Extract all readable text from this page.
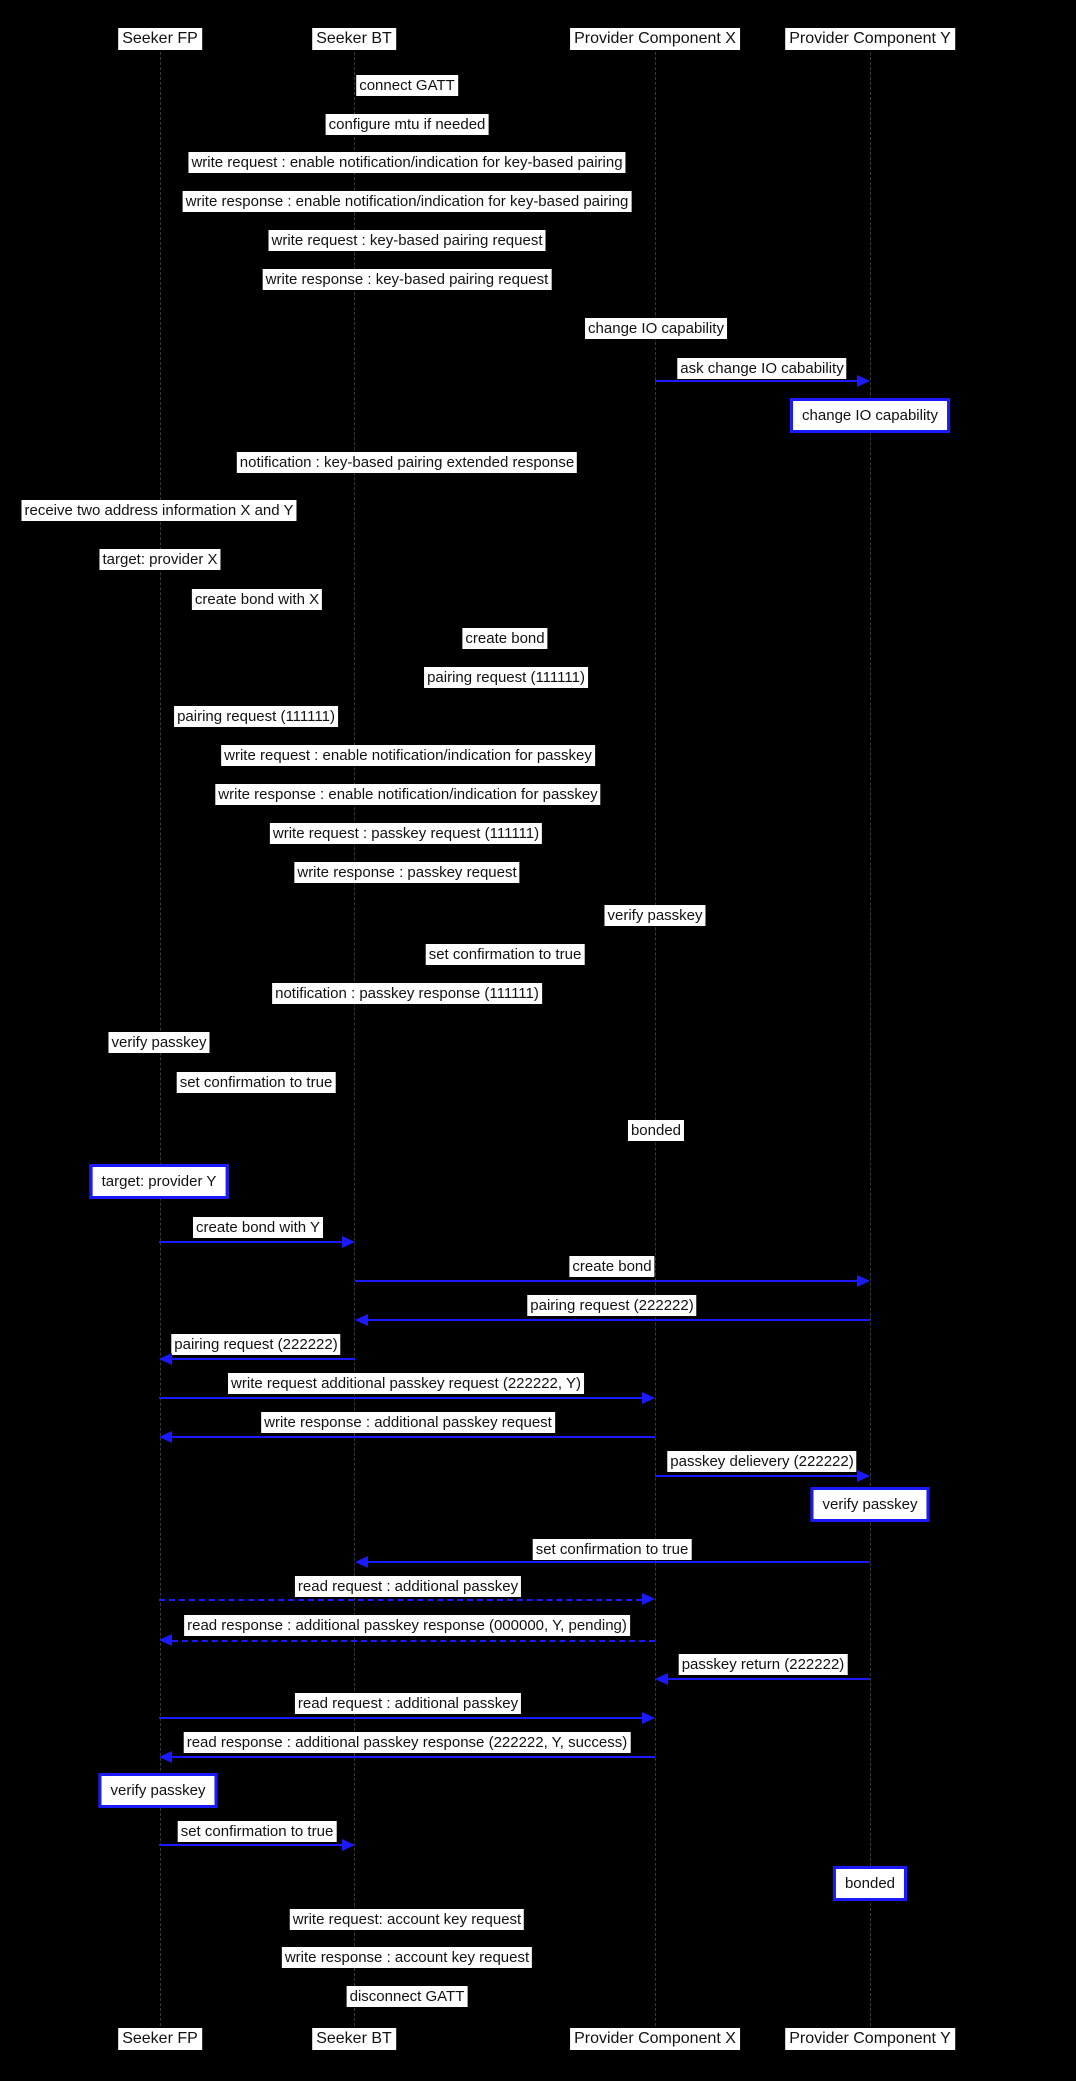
Seeker FP	Seeker BT	Provider Component X	Provider Component Y
Seeker FP	Seeker BT	Provider Component X	Provider Component Y
connect GATT
configure mtu if needed
write request : enable notification/indication for key-based pairing
write response : enable notification/indication for key-based pairing
write request : key-based pairing request
write response : key-based pairing request
change IO capability
ask change IO cabability
change IO capability
notification : key-based pairing extended response
receive two address information X and Y
target: provider X
create bond with X
create bond
pairing request (111111)
pairing request (111111)
write request : enable notification/indication for passkey
write response : enable notification/indication for passkey
write request : passkey request (111111)
write response : passkey request
verify passkey
set confirmation to true
notification : passkey response (111111)
verify passkey
set confirmation to true
bonded
target: provider Y
create bond with Y
create bond
pairing request (222222)
pairing request (222222)
write request additional passkey request (222222, Y)
write response : additional passkey request
passkey delievery (222222)
verify passkey
set confirmation to true
read request : additional passkey
read response : additional passkey response (000000, Y, pending)
passkey return (222222)
read request : additional passkey
read response : additional passkey response (222222, Y, success)
verify passkey
set confirmation to true
bonded
write request: account key request
write response : account key request
disconnect GATT
